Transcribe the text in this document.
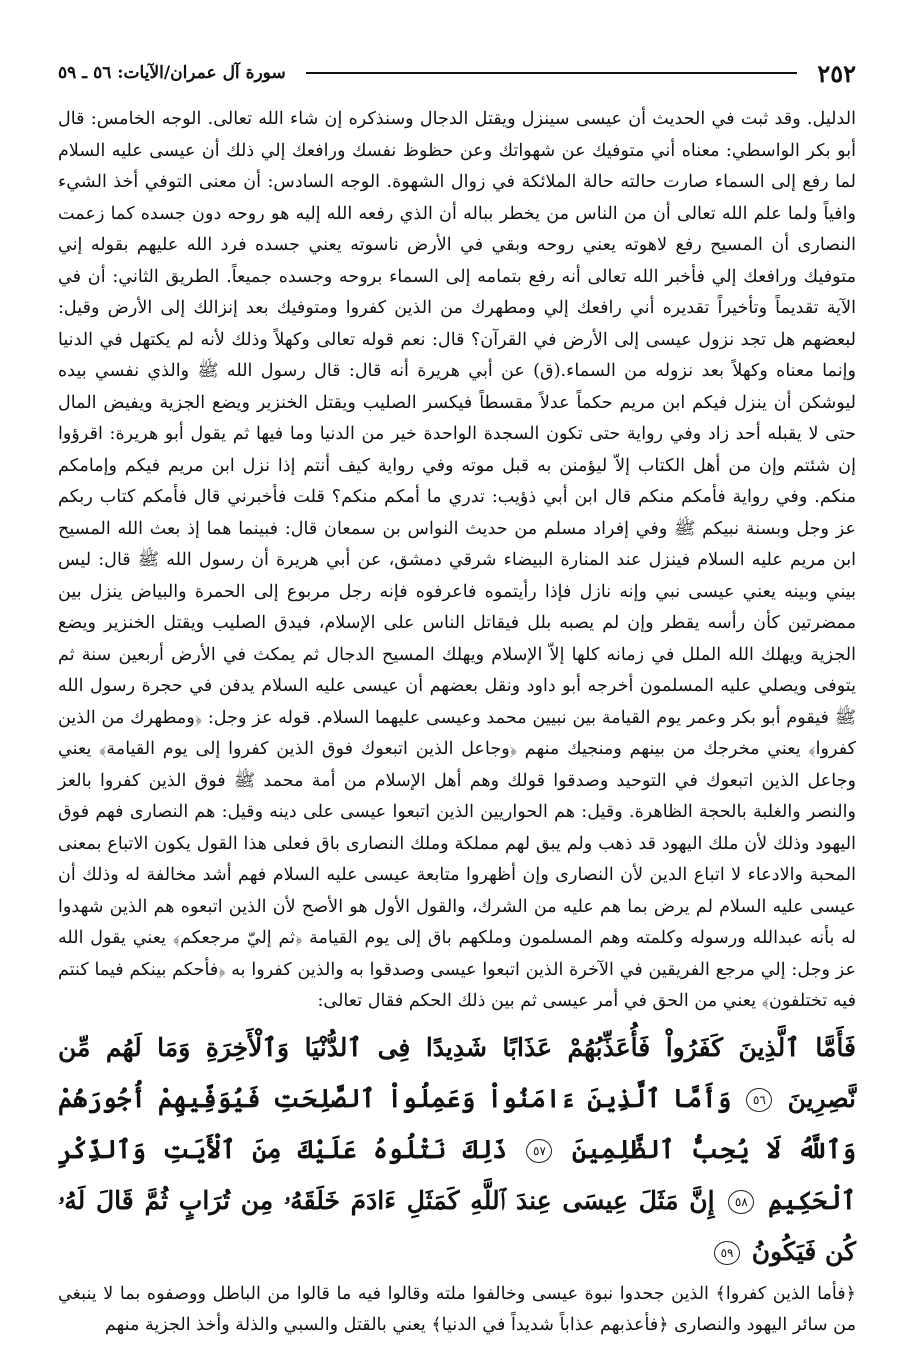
٢٥٢
سورة آل عمران/الآيات: ٥٦ ـ ٥٩

الدليل. وقد ثبت في الحديث أن عيسى سينزل ويقتل الدجال وسنذكره إن شاء الله تعالى. الوجه الخامس: قال أبو بكر الواسطي: معناه أني متوفيك عن شهواتك وعن حظوظ نفسك ورافعك إلي ذلك أن عيسى عليه السلام لما رفع إلى السماء صارت حالته حالة الملائكة في زوال الشهوة. الوجه السادس: أن معنى التوفي أخذ الشيء وافياً ولما علم الله تعالى أن من الناس من يخطر بباله أن الذي رفعه الله إليه هو روحه دون جسده كما زعمت النصارى أن المسيح رفع لاهوته يعني روحه وبقي في الأرض ناسوته يعني جسده فرد الله عليهم بقوله إني متوفيك ورافعك إلي فأخبر الله تعالى أنه رفع بتمامه إلى السماء بروحه وجسده جميعاً. الطريق الثاني: أن في الآية تقديماً وتأخيراً تقديره أني رافعك إلي ومطهرك من الذين كفروا ومتوفيك بعد إنزالك إلى الأرض وقيل: لبعضهم هل تجد نزول عيسى إلى الأرض في القرآن؟ قال: نعم قوله تعالى وكهلاً وذلك لأنه لم يكتهل في الدنيا وإنما معناه وكهلاً بعد نزوله من السماء.(ق) عن أبي هريرة أنه قال: قال رسول الله ﷺ والذي نفسي بيده ليوشكن أن ينزل فيكم ابن مريم حكماً عدلاً مقسطاً فيكسر الصليب ويقتل الخنزير ويضع الجزية ويفيض المال حتى لا يقبله أحد زاد وفي رواية حتى تكون السجدة الواحدة خير من الدنيا وما فيها ثم يقول أبو هريرة: اقرؤوا إن شئتم وإن من أهل الكتاب إلاّ ليؤمنن به قبل موته وفي رواية كيف أنتم إذا نزل ابن مريم فيكم وإمامكم منكم. وفي رواية فأمكم منكم قال ابن أبي ذؤيب: تدري ما أمكم منكم؟ قلت فأخبرني قال فأمكم كتاب ربكم عز وجل وبسنة نبيكم ﷺ وفي إفراد مسلم من حديث النواس بن سمعان قال: فبينما هما إذ بعث الله المسيح ابن مريم عليه السلام فينزل عند المنارة البيضاء شرقي دمشق، عن أبي هريرة أن رسول الله ﷺ قال: ليس بيني وبينه يعني عيسى نبي وإنه نازل فإذا رأيتموه فاعرفوه فإنه رجل مربوع إلى الحمرة والبياض ينزل بين ممضرتين كأن رأسه يقطر وإن لم يصبه بلل فيقاتل الناس على الإسلام، فيدق الصليب ويقتل الخنزير ويضع الجزية ويهلك الله الملل في زمانه كلها إلاّ الإسلام ويهلك المسيح الدجال ثم يمكث في الأرض أربعين سنة ثم يتوفى ويصلي عليه المسلمون أخرجه أبو داود ونقل بعضهم أن عيسى عليه السلام يدفن في حجرة رسول الله ﷺ فيقوم أبو بكر وعمر يوم القيامة بين نبيين محمد وعيسى عليهما السلام. قوله عز وجل: ﴿ومطهرك من الذين كفروا﴾ يعني مخرجك من بينهم ومنجيك منهم ﴿وجاعل الذين اتبعوك فوق الذين كفروا إلى يوم القيامة﴾ يعني وجاعل الذين اتبعوك في التوحيد وصدقوا قولك وهم أهل الإسلام من أمة محمد ﷺ فوق الذين كفروا بالعز والنصر والغلبة بالحجة الظاهرة. وقيل: هم الحواريين الذين اتبعوا عيسى على دينه وقيل: هم النصارى فهم فوق اليهود وذلك لأن ملك اليهود قد ذهب ولم يبق لهم مملكة وملك النصارى باق فعلى هذا القول يكون الاتباع بمعنى المحبة والادعاء لا اتباع الدين لأن النصارى وإن أظهروا متابعة عيسى عليه السلام فهم أشد مخالفة له وذلك أن عيسى عليه السلام لم يرض بما هم عليه من الشرك، والقول الأول هو الأصح لأن الذين اتبعوه هم الذين شهدوا له بأنه عبدالله ورسوله وكلمته وهم المسلمون وملكهم باق إلى يوم القيامة ﴿ثم إليّ مرجعكم﴾ يعني يقول الله عز وجل: إلي مرجع الفريقين في الآخرة الذين اتبعوا عيسى وصدقوا به والذين كفروا به ﴿فأحكم بينكم فيما كنتم فيه تختلفون﴾ يعني من الحق في أمر عيسى ثم بين ذلك الحكم فقال تعالى:

فَأَمَّا ٱلَّذِينَ كَفَرُواْ فَأُعَذِّبُهُمْ عَذَابًا شَدِيدًا فِى ٱلدُّنْيَا وَٱلْأَخِرَةِ وَمَا لَهُم مِّن نَّصِرِينَ ٥٦ وَأَمَّا ٱلَّذِينَ ءَامَنُواْ وَعَمِلُواْ ٱلصَّلِحَتِ فَيُوَفِّيهِمْ أُجُورَهُمْ وَٱللَّهُ لَا يُحِبُّ ٱلظَّلِمِينَ ٥٧ ذَلِكَ نَتْلُوهُ عَلَيْكَ مِنَ ٱلْأَيَتِ وَٱلذِّكْرِ ٱلْحَكِيمِ ٥٨ إِنَّ مَثَلَ عِيسَى عِندَ ٱللَّهِ كَمَثَلِ ءَادَمَ خَلَقَهُۥ مِن تُرَابٍ ثُمَّ قَالَ لَهُۥ كُن فَيَكُونُ ٥٩

﴿فأما الذين كفروا﴾ الذين جحدوا نبوة عيسى وخالفوا ملته وقالوا فيه ما قالوا من الباطل ووصفوه بما لا ينبغي من سائر اليهود والنصارى ﴿فأعذبهم عذاباً شديداً في الدنيا﴾ يعني بالقتل والسبي والذلة وأخذ الجزية منهم
